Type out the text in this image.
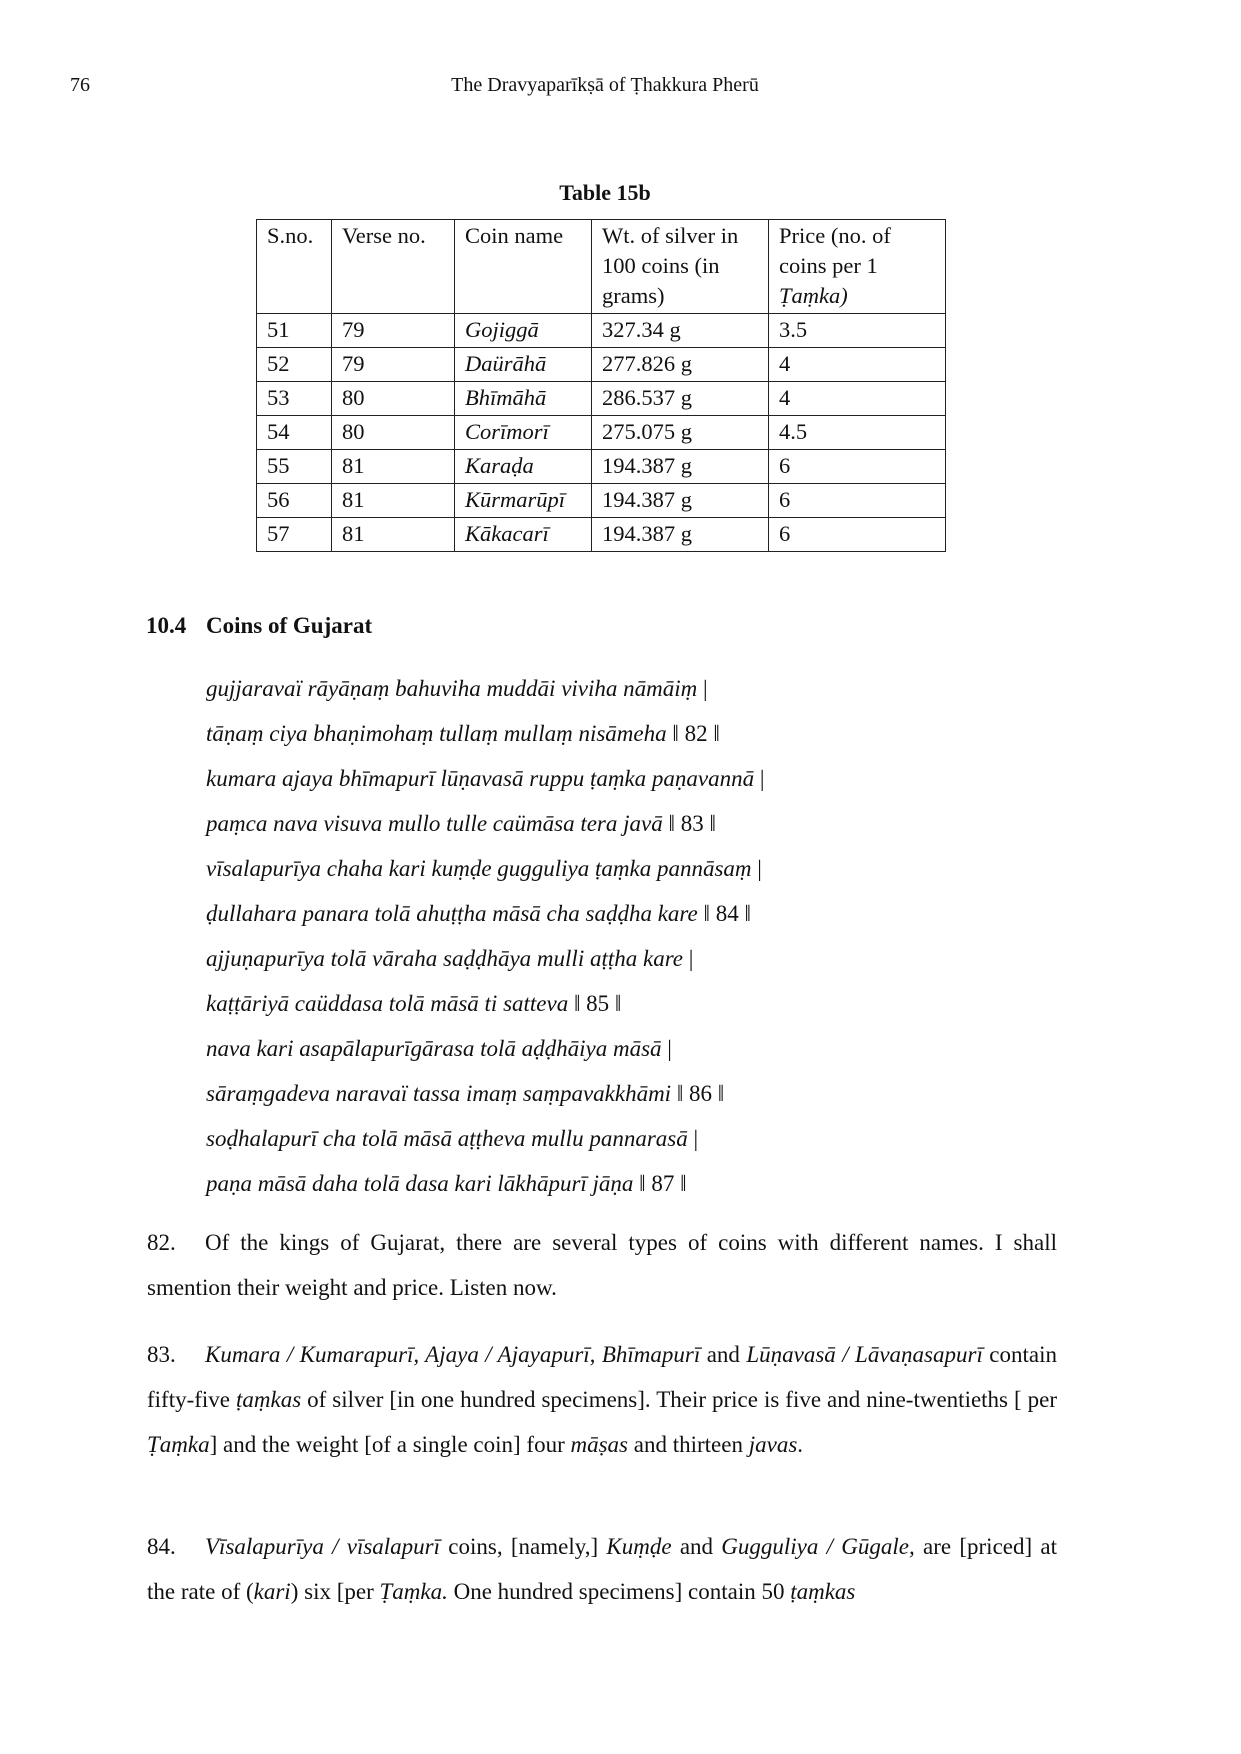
76	The Dravyaparīkṣā of Ṭhakkura Pherū
Table 15b
S.no.	Verse no.	Coin name	Wt. of silver in 100 coins (in grams)	Price (no. of coins per 1 Ṭaṃka)
51	79	Gojiggā	327.34 g	3.5
52	79	Daürāhā	277.826 g	4
53	80	Bhīmāhā	286.537 g	4
54	80	Corīmorī	275.075 g	4.5
55	81	Karaḍa	194.387 g	6
56	81	Kūrmarūpī	194.387 g	6
57	81	Kākacarī	194.387 g	6
10.4 Coins of Gujarat
gujjaravaï rāyāṇaṃ bahuviha muddāi viviha nāmāiṃ |
tāṇaṃ ciya bhaṇimohaṃ tullaṃ mullaṃ nisāmeha ‖ 82 ‖
kumara ajaya bhīmapurī lūṇavasā ruppu ṭaṃka paṇavannā |
paṃca nava visuva mullo tulle caümāsa tera javā ‖ 83 ‖
vīsalapurīya chaha kari kuṃḍe gugguliya ṭaṃka pannāsaṃ |
ḍullahara panara tolā ahuṭṭha māsā cha saḍḍha kare ‖ 84 ‖
ajjuṇapurīya tolā vāraha saḍḍhāya mulli aṭṭha kare |
kaṭṭāriyā caüddasa tolā māsā ti satteva ‖ 85 ‖
nava kari asapālapurīgārasa tolā aḍḍhāiya māsā |
sāraṃgadeva naravaï tassa imaṃ saṃpavakkhāmi ‖ 86 ‖
soḍhalapurī cha tolā māsā aṭṭheva mullu pannarasā |
paṇa māsā daha tolā dasa kari lākhāpurī jāṇa ‖ 87 ‖

82. Of the kings of Gujarat, there are several types of coins with different names. I shall smention their weight and price. Listen now.

83. Kumara / Kumarapurī, Ajaya / Ajayapurī, Bhīmapurī and Lūṇavasā / Lāvaṇasapurī contain fifty-five ṭaṃkas of silver [in one hundred specimens]. Their price is five and nine-twentieths [ per Ṭaṃka] and the weight [of a single coin] four māṣas and thirteen javas.

84. Vīsalapurīya / vīsalapurī coins, [namely,] Kuṃḍe and Gugguliya / Gūgale, are [priced] at the rate of (kari) six [per Ṭaṃka. One hundred specimens] contain 50 ṭaṃkas
